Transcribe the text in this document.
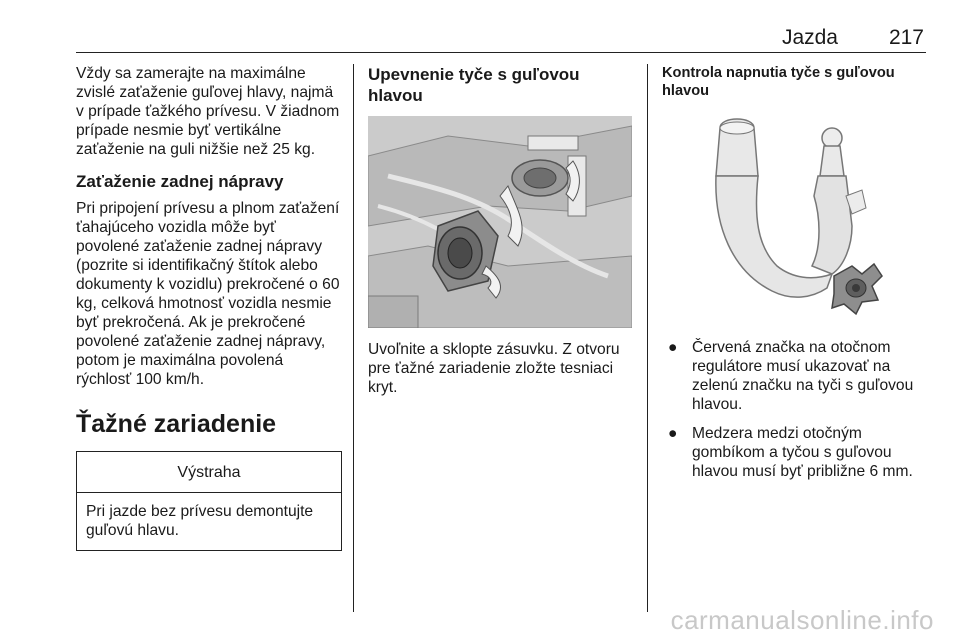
Jazda 217

Vždy sa zamerajte na maximálne zvislé zaťaženie guľovej hlavy, najmä v prípade ťažkého prívesu. V žiadnom prípade nesmie byť vertikálne zaťaženie na guli nižšie než 25 kg.

Zaťaženie zadnej nápravy

Pri pripojení prívesu a plnom zaťažení ťahajúceho vozidla môže byť povolené zaťaženie zadnej nápravy (pozrite si identifikačný štítok alebo dokumenty k vozidlu) prekročené o 60 kg, celková hmotnosť vozidla nesmie byť prekročená. Ak je prekročené povolené zaťaženie zadnej nápravy, potom je maximálna povolená rýchlosť 100 km/h.

Ťažné zariadenie
Výstraha
Pri jazde bez prívesu demontujte guľovú hlavu.
Upevnenie tyče s guľovou hlavou

Uvoľnite a sklopte zásuvku. Z otvoru pre ťažné zariadenie zložte tesniaci kryt.

Kontrola napnutia tyče s guľovou hlavou
● Červená značka na otočnom regulátore musí ukazovať na zelenú značku na tyči s guľovou hlavou.
● Medzera medzi otočným gombíkom a tyčou s guľovou hlavou musí byť približne 6 mm.
carmanualsonline.info
